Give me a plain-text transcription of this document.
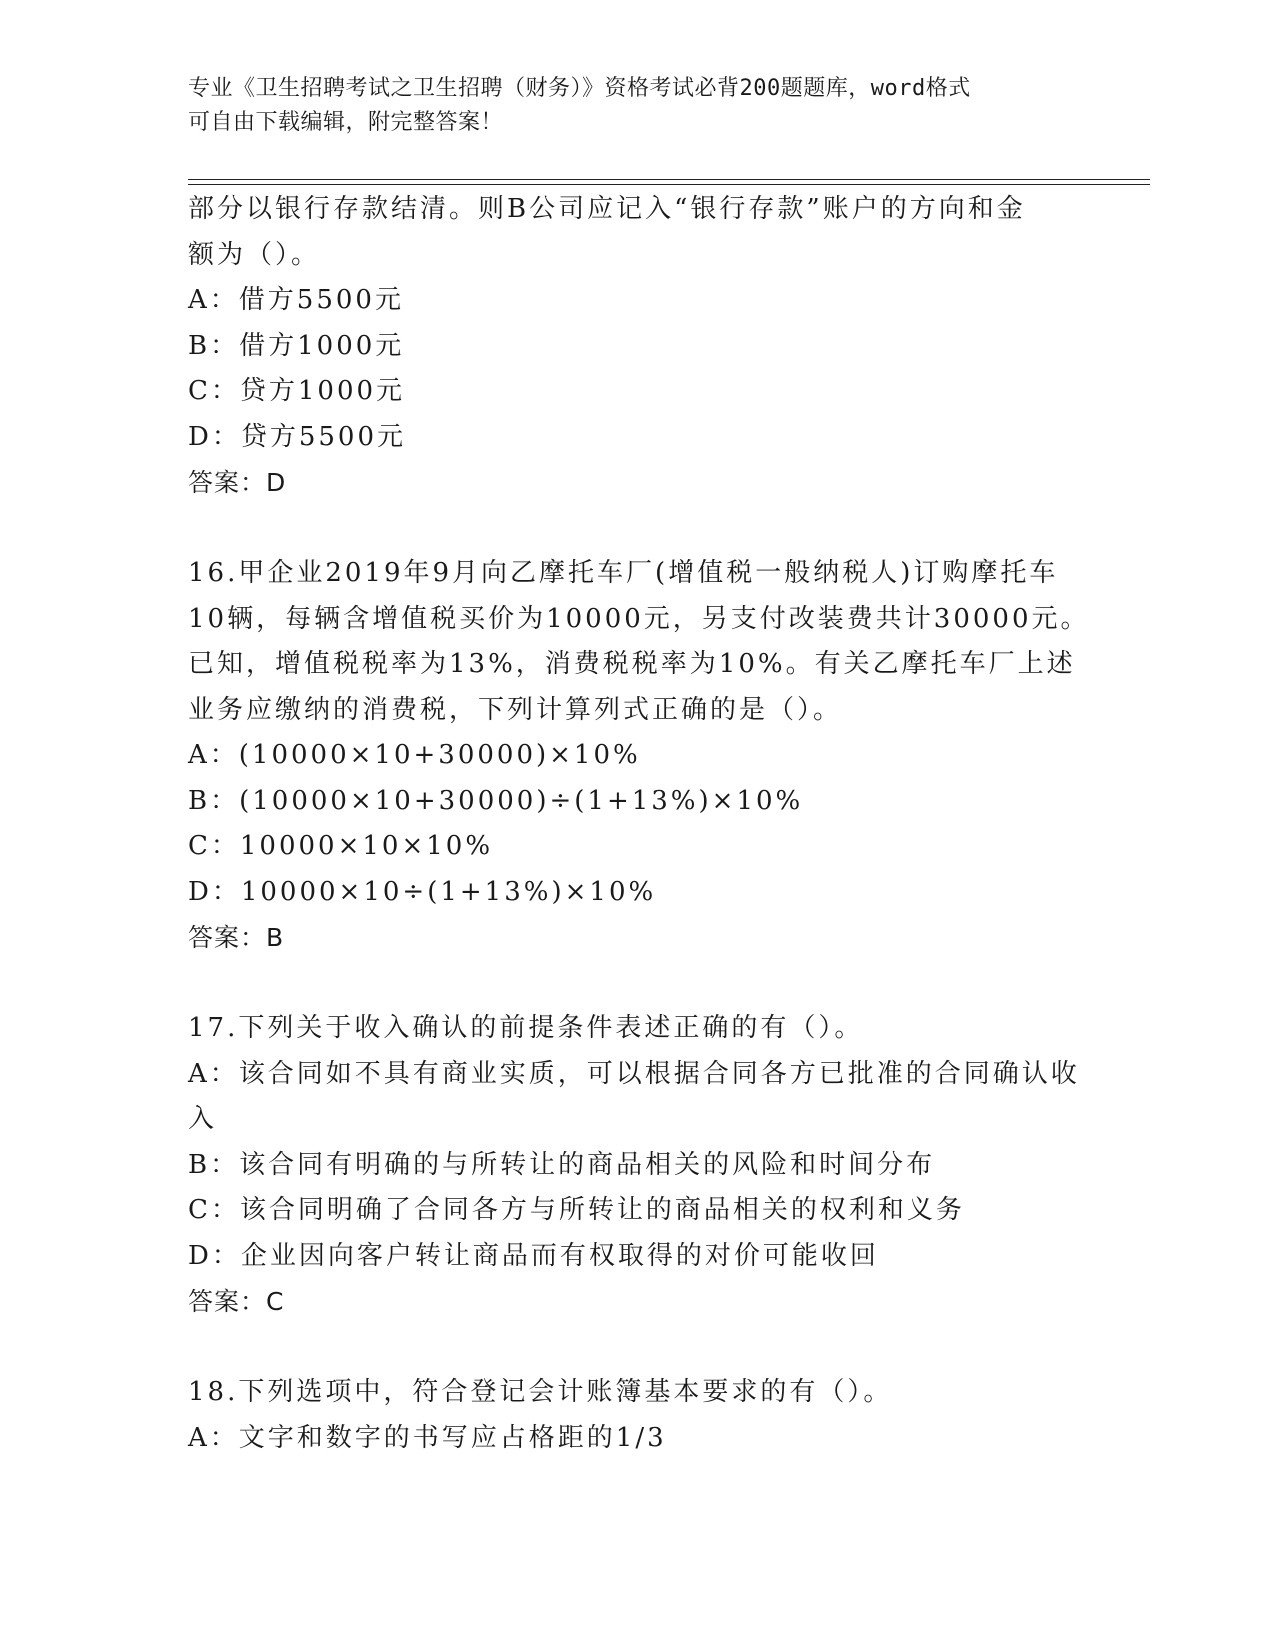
专业《卫生招聘考试之卫生招聘（财务）》资格考试必背200题题库，word格式
可自由下载编辑，附完整答案！
部分以银行存款结清。则B公司应记入“银行存款”账户的方向和金
额为（）。
A：借方5500元
B：借方1000元
C：贷方1000元
D：贷方5500元
答案：D
16.甲企业2019年9月向乙摩托车厂(增值税一般纳税人)订购摩托车
10辆，每辆含增值税买价为10000元，另支付改装费共计30000元。
已知，增值税税率为13%，消费税税率为10%。有关乙摩托车厂上述
业务应缴纳的消费税，下列计算列式正确的是（）。
A：(10000×10+30000)×10%
B：(10000×10+30000)÷(1+13%)×10%
C：10000×10×10%
D：10000×10÷(1+13%)×10%
答案：B
17.下列关于收入确认的前提条件表述正确的有（）。
A：该合同如不具有商业实质，可以根据合同各方已批准的合同确认收
入
B：该合同有明确的与所转让的商品相关的风险和时间分布
C：该合同明确了合同各方与所转让的商品相关的权利和义务
D：企业因向客户转让商品而有权取得的对价可能收回
答案：C
18.下列选项中，符合登记会计账簿基本要求的有（）。
A：文字和数字的书写应占格距的1/3
